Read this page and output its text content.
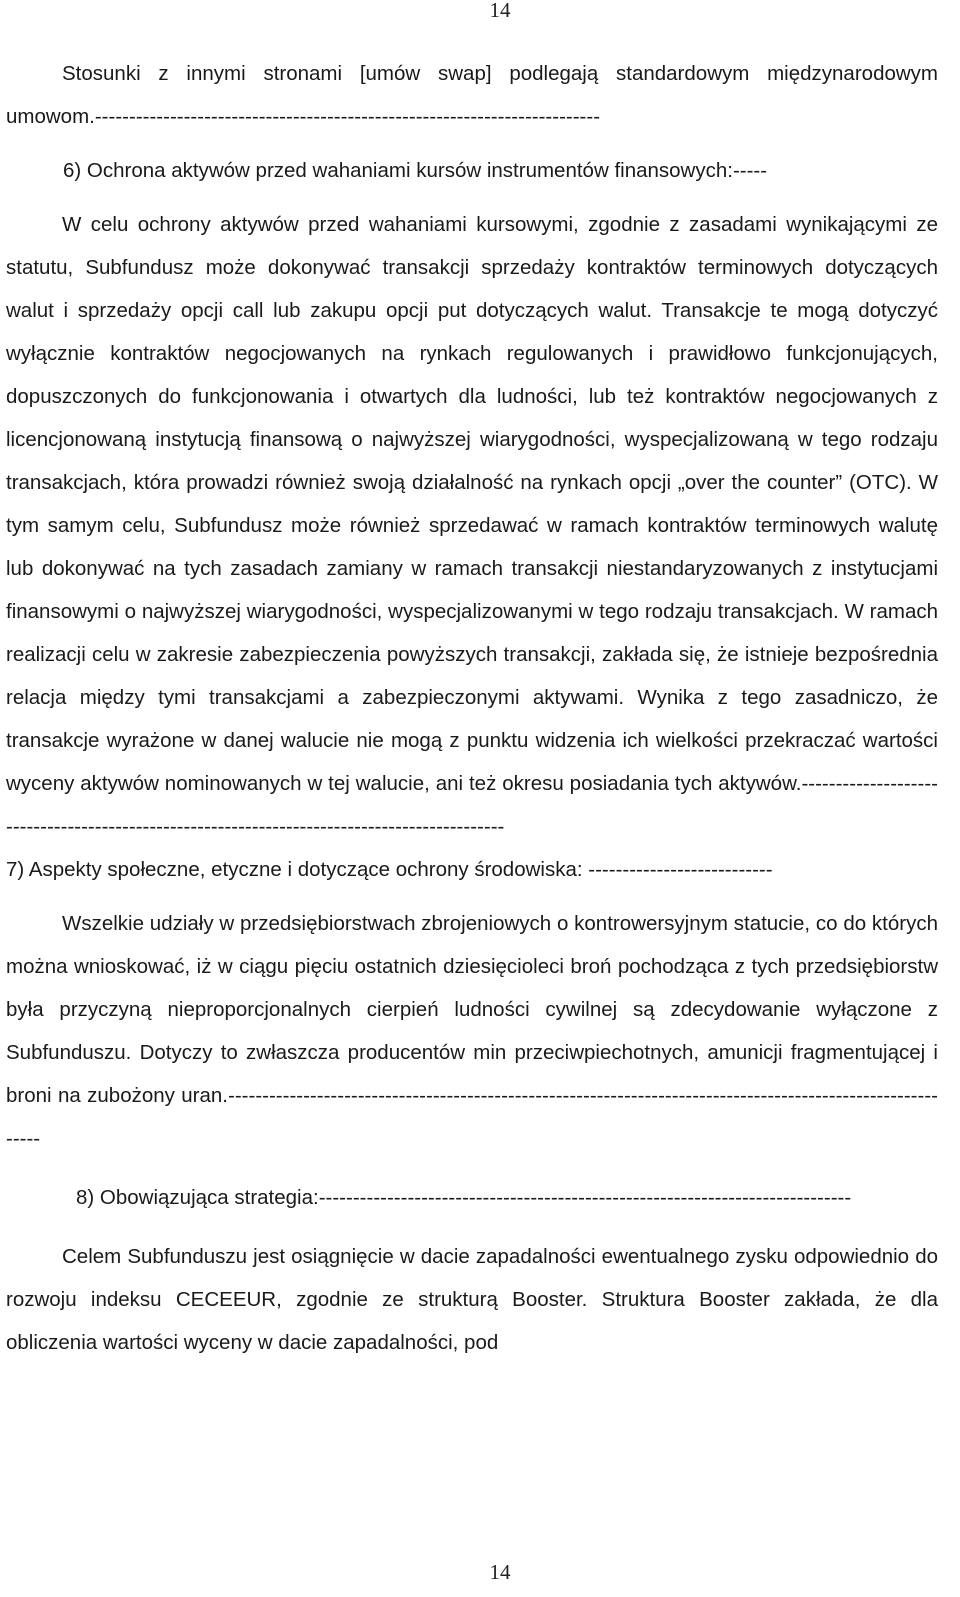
14

Stosunki z innymi stronami [umów swap] podlegają standardowym międzynarodowym umowom.--------------------------------------------------------------------------

6) Ochrona aktywów przed wahaniami kursów instrumentów finansowych:-----

W celu ochrony aktywów przed wahaniami kursowymi, zgodnie z zasadami wynikającymi ze statutu, Subfundusz może dokonywać transakcji sprzedaży kontraktów terminowych dotyczących walut i sprzedaży opcji call lub zakupu opcji put dotyczących walut. Transakcje te mogą dotyczyć wyłącznie kontraktów negocjowanych na rynkach regulowanych i prawidłowo funkcjonujących, dopuszczonych do funkcjonowania i otwartych dla ludności, lub też kontraktów negocjowanych z licencjonowaną instytucją finansową o najwyższej wiarygodności, wyspecjalizowaną w tego rodzaju transakcjach, która prowadzi również swoją działalność na rynkach opcji „over the counter” (OTC). W tym samym celu, Subfundusz może również sprzedawać w ramach kontraktów terminowych walutę lub dokonywać na tych zasadach zamiany w ramach transakcji niestandaryzowanych z instytucjami finansowymi o najwyższej wiarygodności, wyspecjalizowanymi w tego rodzaju transakcjach. W ramach realizacji celu w zakresie zabezpieczenia powyższych transakcji, zakłada się, że istnieje bezpośrednia relacja między tymi transakcjami a zabezpieczonymi aktywami. Wynika z tego zasadniczo, że transakcje wyrażone w danej walucie nie mogą z punktu widzenia ich wielkości przekraczać wartości wyceny aktywów nominowanych w tej walucie, ani też okresu posiadania tych aktywów.---------------------------------------------------------------------------------------------

7) Aspekty społeczne, etyczne i dotyczące ochrony środowiska: ---------------------------

Wszelkie udziały w przedsiębiorstwach zbrojeniowych o kontrowersyjnym statucie, co do których można wnioskować, iż w ciągu pięciu ostatnich dziesięcioleci broń pochodząca z tych przedsiębiorstw była przyczyną nieproporcjonalnych cierpień ludności cywilnej są zdecydowanie wyłączone z Subfunduszu. Dotyczy to zwłaszcza producentów min przeciwpiechotnych, amunicji fragmentującej i broni na zubożony uran.-------------------------------------------------------------------------------------------------------------

8) Obowiązująca strategia:------------------------------------------------------------------------------

Celem Subfunduszu jest osiągnięcie w dacie zapadalności ewentualnego zysku odpowiednio do rozwoju indeksu CECEEUR, zgodnie ze strukturą Booster. Struktura Booster zakłada, że dla obliczenia wartości wyceny w dacie zapadalności, pod

14
